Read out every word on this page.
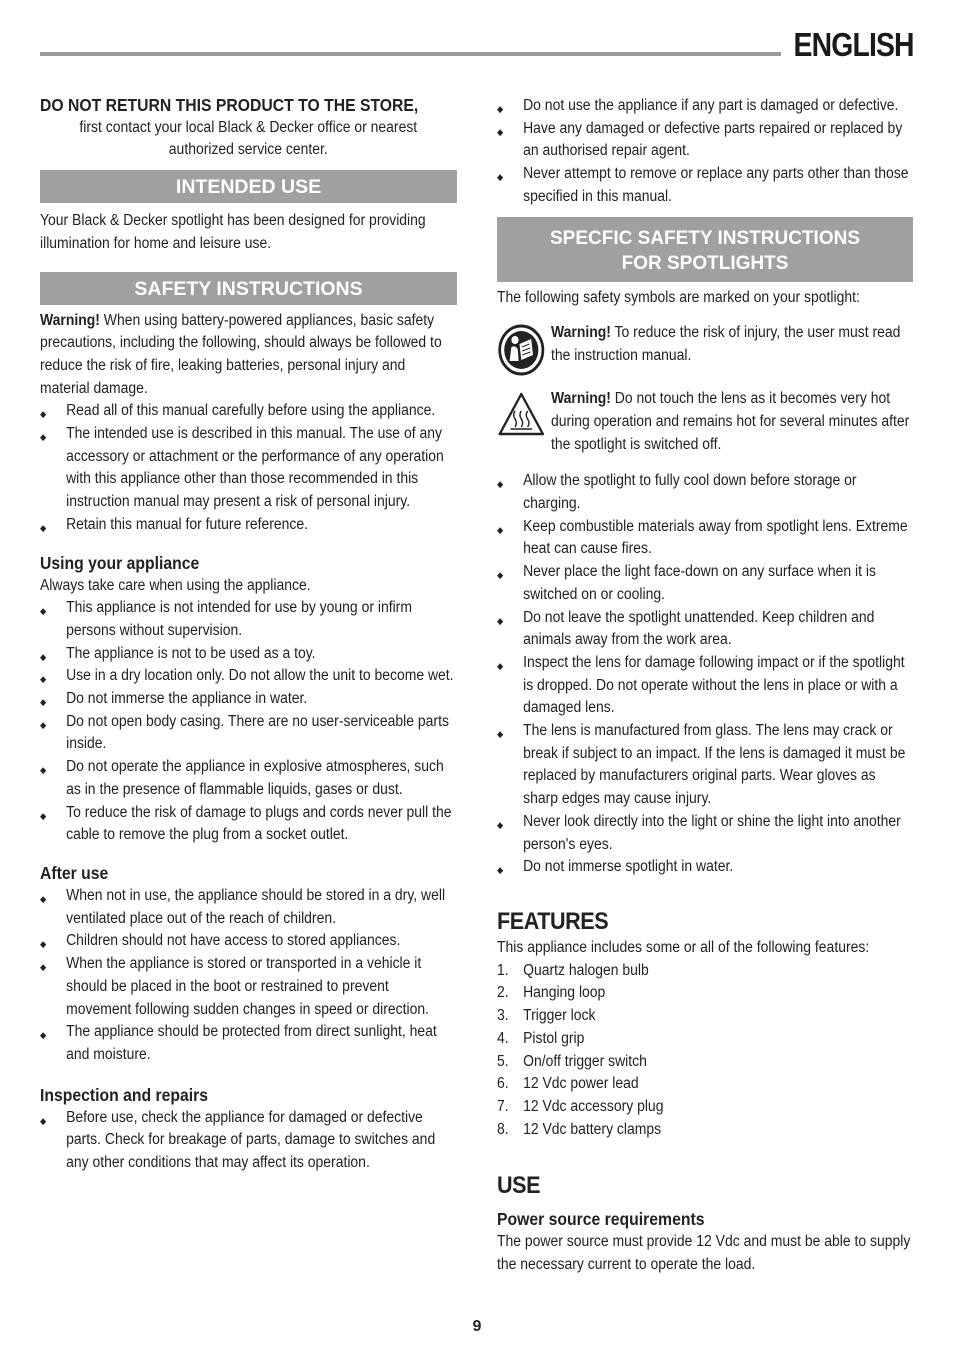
ENGLISH

DO NOT RETURN THIS PRODUCT TO THE STORE,

first contact your local Black & Decker office or nearest authorized service center.

INTENDED USE

Your Black & Decker spotlight has been designed for providing illumination for home and leisure use.

SAFETY INSTRUCTIONS

Warning! When using battery-powered appliances, basic safety precautions, including the following, should always be followed to reduce the risk of fire, leaking batteries, personal injury and material damage.

◆ Read all of this manual carefully before using the appliance.
◆ The intended use is described in this manual. The use of any accessory or attachment or the performance of any operation with this appliance other than those recommended in this instruction manual may present a risk of personal injury.
◆ Retain this manual for future reference.
Using your appliance

Always take care when using the appliance.

◆ This appliance is not intended for use by young or infirm persons without supervision.
◆ The appliance is not to be used as a toy.
◆ Use in a dry location only. Do not allow the unit to become wet.
◆ Do not immerse the appliance in water.
◆ Do not open body casing. There are no user-serviceable parts inside.
◆ Do not operate the appliance in explosive atmospheres, such as in the presence of flammable liquids, gases or dust.
◆ To reduce the risk of damage to plugs and cords never pull the cable to remove the plug from a socket outlet.
After use
◆ When not in use, the appliance should be stored in a dry, well ventilated place out of the reach of children.
◆ Children should not have access to stored appliances.
◆ When the appliance is stored or transported in a vehicle it should be placed in the boot or restrained to prevent movement following sudden changes in speed or direction.
◆ The appliance should be protected from direct sunlight, heat and moisture.
Inspection and repairs
◆ Before use, check the appliance for damaged or defective parts. Check for breakage of parts, damage to switches and any other conditions that may affect its operation.
◆ Do not use the appliance if any part is damaged or defective.
◆ Have any damaged or defective parts repaired or replaced by an authorised repair agent.
◆ Never attempt to remove or replace any parts other than those specified in this manual.
SPECFIC SAFETY INSTRUCTIONS
FOR SPOTLIGHTS

The following safety symbols are marked on your spotlight:

Warning! To reduce the risk of injury, the user must read the instruction manual.

Warning! Do not touch the lens as it becomes very hot during operation and remains hot for several minutes after the spotlight is switched off.

◆ Allow the spotlight to fully cool down before storage or charging.
◆ Keep combustible materials away from spotlight lens. Extreme heat can cause fires.
◆ Never place the light face-down on any surface when it is switched on or cooling.
◆ Do not leave the spotlight unattended. Keep children and animals away from the work area.
◆ Inspect the lens for damage following impact or if the spotlight is dropped. Do not operate without the lens in place or with a damaged lens.
◆ The lens is manufactured from glass. The lens may crack or break if subject to an impact. If the lens is damaged it must be replaced by manufacturers original parts. Wear gloves as sharp edges may cause injury.
◆ Never look directly into the light or shine the light into another person's eyes.
◆ Do not immerse spotlight in water.
FEATURES

This appliance includes some or all of the following features:

1. Quartz halogen bulb
2. Hanging loop
3. Trigger lock
4. Pistol grip
5. On/off trigger switch
6. 12 Vdc power lead
7. 12 Vdc accessory plug
8. 12 Vdc battery clamps
USE
Power source requirements

The power source must provide 12 Vdc and must be able to supply the necessary current to operate the load.

9
